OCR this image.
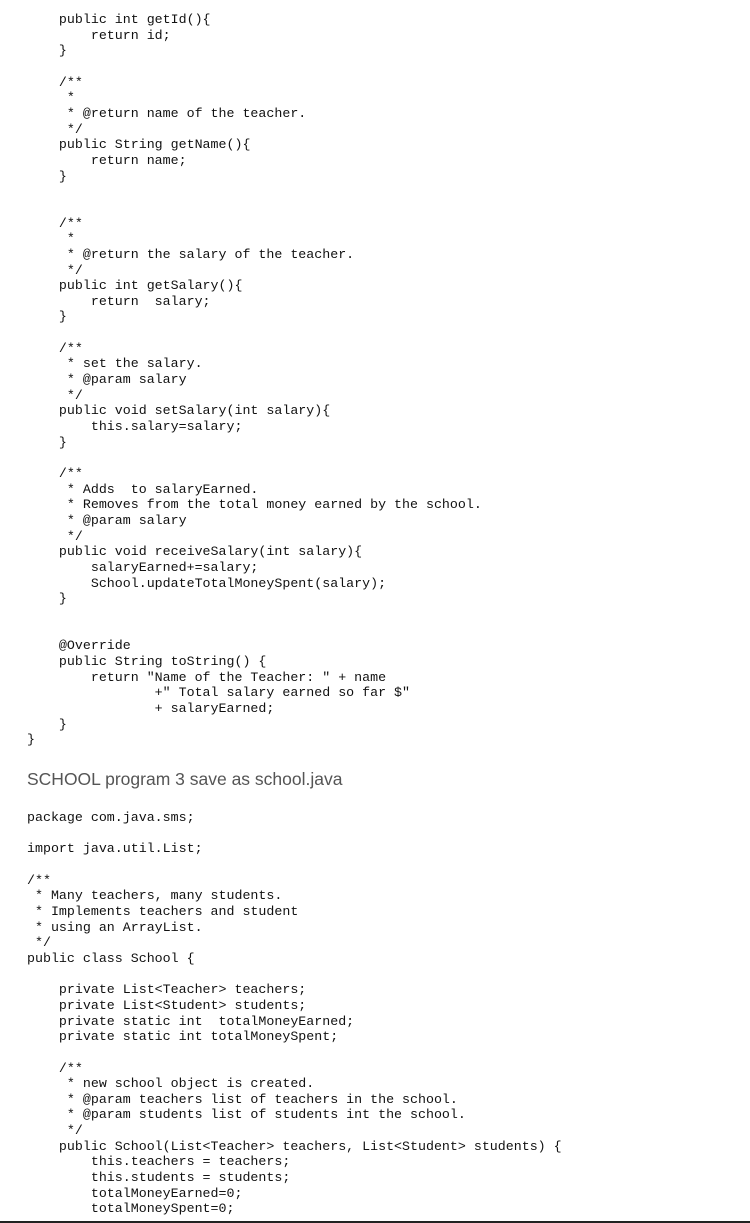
public int getId(){
return id;
}

/**
*
* @return name of the teacher.
*/
public String getName(){
return name;
}

/**
*
* @return the salary of the teacher.
*/
public int getSalary(){
return  salary;
}

/**
* set the salary.
* @param salary
*/
public void setSalary(int salary){
this.salary=salary;
}

/**
* Adds  to salaryEarned.
* Removes from the total money earned by the school.
* @param salary
*/
public void receiveSalary(int salary){
salaryEarned+=salary;
School.updateTotalMoneySpent(salary);
}

@Override
public String toString() {
return "Name of the Teacher: " + name
+" Total salary earned so far $"
+ salaryEarned;
}
}
SCHOOL program 3 save as school.java
package com.java.sms;

import java.util.List;

/**
* Many teachers, many students.
* Implements teachers and student
* using an ArrayList.
*/
public class School {

private List<Teacher> teachers;
private List<Student> students;
private static int  totalMoneyEarned;
private static int totalMoneySpent;

/**
* new school object is created.
* @param teachers list of teachers in the school.
* @param students list of students int the school.
*/
public School(List<Teacher> teachers, List<Student> students) {
this.teachers = teachers;
this.students = students;
totalMoneyEarned=0;
totalMoneySpent=0;
